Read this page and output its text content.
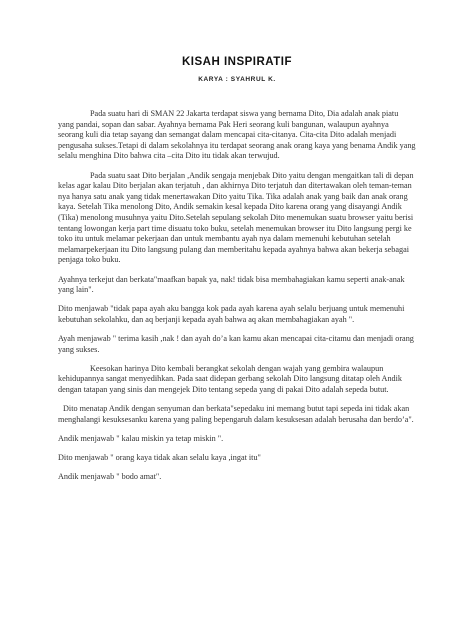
KISAH INSPIRATIF
KARYA : SYAHRUL K.

Pada suatu hari di SMAN 22 Jakarta terdapat siswa yang bernama Dito, Dia adalah anak piatu yang pandai, sopan dan sabar. Ayahnya bernama Pak Heri seorang kuli bangunan, walaupun ayahnya seorang kuli dia tetap sayang dan semangat dalam mencapai cita-citanya. Cita-cita Dito adalah menjadi pengusaha sukses.Tetapi di dalam sekolahnya itu terdapat seorang anak orang kaya yang benama Andik yang selalu menghina Dito bahwa cita –cita Dito itu tidak akan terwujud.

Pada suatu saat Dito berjalan ,Andik sengaja menjebak Dito yaitu dengan mengaitkan tali di depan kelas agar kalau Dito berjalan akan terjatuh , dan akhirnya Dito terjatuh dan ditertawakan oleh teman-teman nya hanya satu anak yang tidak menertawakan Dito yaitu Tika. Tika adalah anak yang baik dan anak orang kaya. Setelah Tika menolong Dito, Andik semakin kesal kepada Dito karena orang yang disayangi Andik (Tika) menolong musuhnya yaitu Dito.Setelah sepulang sekolah Dito menemukan suatu browser yaitu berisi tentang lowongan kerja part time disuatu toko buku, setelah menemukan browser itu Dito langsung pergi ke toko itu untuk melamar pekerjaan dan untuk membantu ayah nya dalam memenuhi kebutuhan setelah melamarpekerjaan itu Dito langsung pulang dan memberitahu kepada ayahnya bahwa akan bekerja sebagai penjaga toko buku.

Ayahnya terkejut dan berkata"maafkan bapak ya, nak! tidak bisa membahagiakan kamu seperti anak-anak yang lain".

Dito menjawab "tidak papa ayah aku bangga kok pada ayah karena ayah selalu berjuang untuk memenuhi kebutuhan sekolahku, dan aq berjanji kepada ayah bahwa aq akan membahagiakan ayah ".

Ayah menjawab " terima kasih ,nak ! dan ayah do’a kan kamu akan mencapai cita-citamu dan menjadi orang yang sukses.

Keesokan harinya Dito kembali berangkat sekolah dengan wajah yang gembira walaupun kehidupannya sangat menyedihkan. Pada saat didepan gerbang sekolah Dito langsung ditatap oleh Andik dengan tatapan yang sinis dan mengejek Dito tentang sepeda yang di pakai Dito adalah sepeda butut.

Dito menatap Andik dengan senyuman dan berkata"sepedaku ini memang butut tapi sepeda ini tidak akan menghalangi kesuksesanku karena yang paling bepengaruh dalam kesuksesan adalah berusaha dan berdo’a".

Andik menjawab " kalau miskin ya tetap miskin ".

Dito menjawab " orang kaya tidak akan selalu kaya ,ingat itu"

Andik menjawab " bodo amat".
